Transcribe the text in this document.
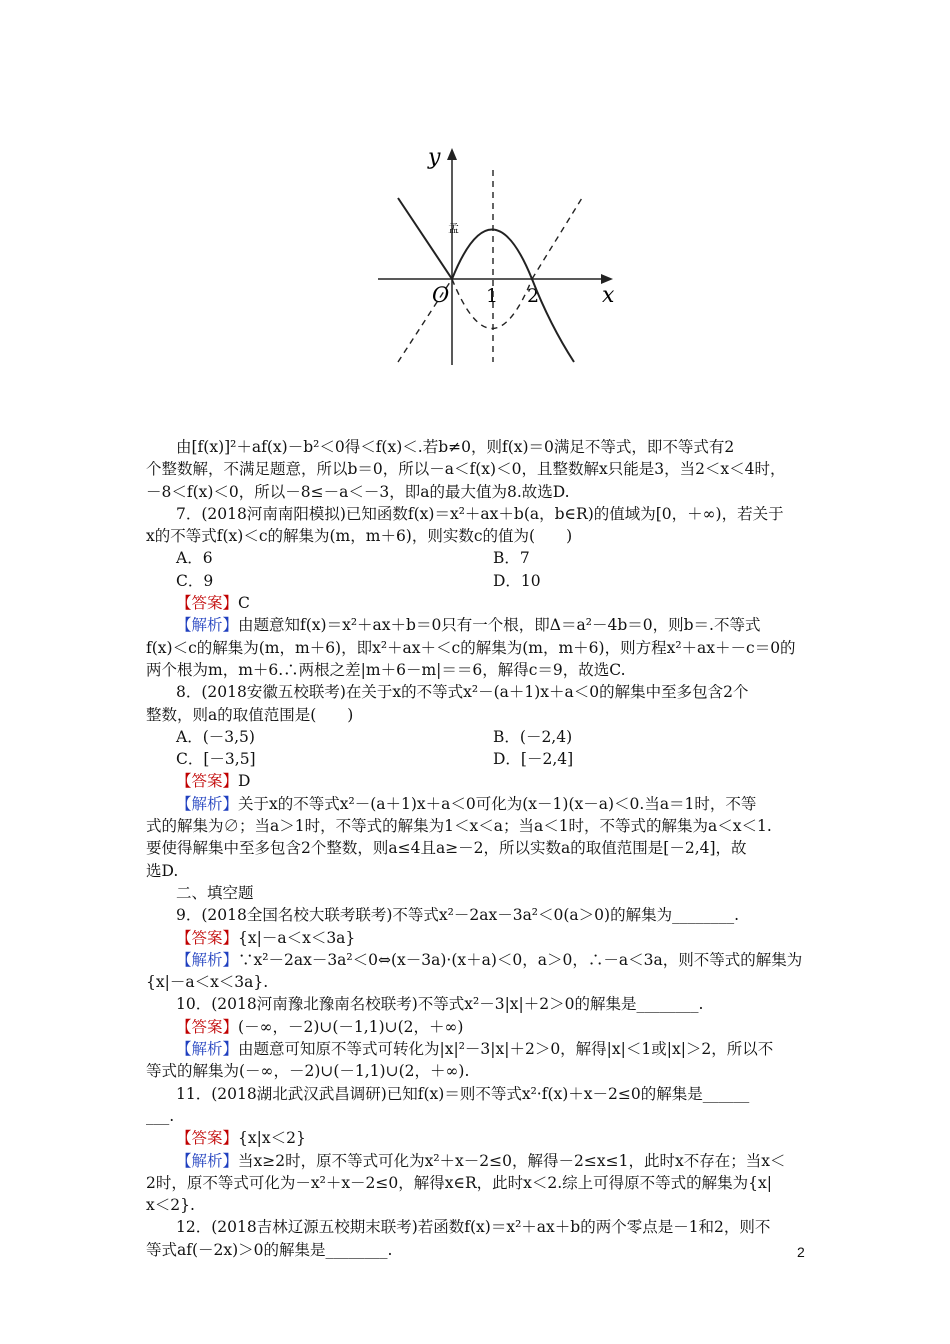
y
x
O 1 2
孟

由[f(x)]²＋af(x)－b²＜0得＜f(x)＜.若b≠0，则f(x)＝0满足不等式，即不等式有2

个整数解，不满足题意，所以b＝0，所以－a＜f(x)＜0，且整数解x只能是3，当2＜x＜4时，

－8＜f(x)＜0，所以－8≤－a＜－3，即a的最大值为8.故选D.

7．(2018河南南阳模拟)已知函数f(x)＝x²＋ax＋b(a，b∈R)的值域为[0，＋∞)，若关于

x的不等式f(x)＜c的解集为(m，m＋6)，则实数c的值为(　　)

A．6	B．7
C．9	D．10

【答案】C

【解析】由题意知f(x)＝x²＋ax＋b＝0只有一个根，即Δ＝a²－4b＝0，则b＝.不等式

f(x)＜c的解集为(m，m＋6)，即x²＋ax＋＜c的解集为(m，m＋6)，则方程x²＋ax＋－c＝0的

两个根为m，m＋6.∴两根之差|m＋6－m|＝＝6，解得c＝9，故选C.

8．(2018安徽五校联考)在关于x的不等式x²－(a＋1)x＋a＜0的解集中至多包含2个

整数，则a的取值范围是(　　)

A．(－3,5)	B．(－2,4)
C．[－3,5]	D．[－2,4]

【答案】D

【解析】关于x的不等式x²－(a＋1)x＋a＜0可化为(x－1)(x－a)＜0.当a＝1时，不等

式的解集为∅；当a＞1时，不等式的解集为1＜x＜a；当a＜1时，不等式的解集为a＜x＜1.

要使得解集中至多包含2个整数，则a≤4且a≥－2，所以实数a的取值范围是[－2,4]，故

选D.

二、填空题

9．(2018全国名校大联考联考)不等式x²－2ax－3a²＜0(a＞0)的解集为________.

【答案】{x|－a＜x＜3a}

【解析】∵x²－2ax－3a²＜0⇔(x－3a)·(x＋a)＜0，a＞0，∴－a＜3a，则不等式的解集为

{x|－a＜x＜3a}.

10．(2018河南豫北豫南名校联考)不等式x²－3|x|＋2＞0的解集是________.

【答案】(－∞，－2)∪(－1,1)∪(2，＋∞)

【解析】由题意可知原不等式可转化为|x|²－3|x|＋2＞0，解得|x|＜1或|x|＞2，所以不

等式的解集为(－∞，－2)∪(－1,1)∪(2，＋∞).

11．(2018湖北武汉武昌调研)已知f(x)＝则不等式x²·f(x)＋x－2≤0的解集是______

___.

【答案】{x|x＜2}

【解析】当x≥2时，原不等式可化为x²＋x－2≤0，解得－2≤x≤1，此时x不存在；当x＜

2时，原不等式可化为－x²＋x－2≤0，解得x∈R，此时x＜2.综上可得原不等式的解集为{x|

x＜2}.

12．(2018吉林辽源五校期末联考)若函数f(x)＝x²＋ax＋b的两个零点是－1和2，则不

等式af(－2x)＞0的解集是________.	2
